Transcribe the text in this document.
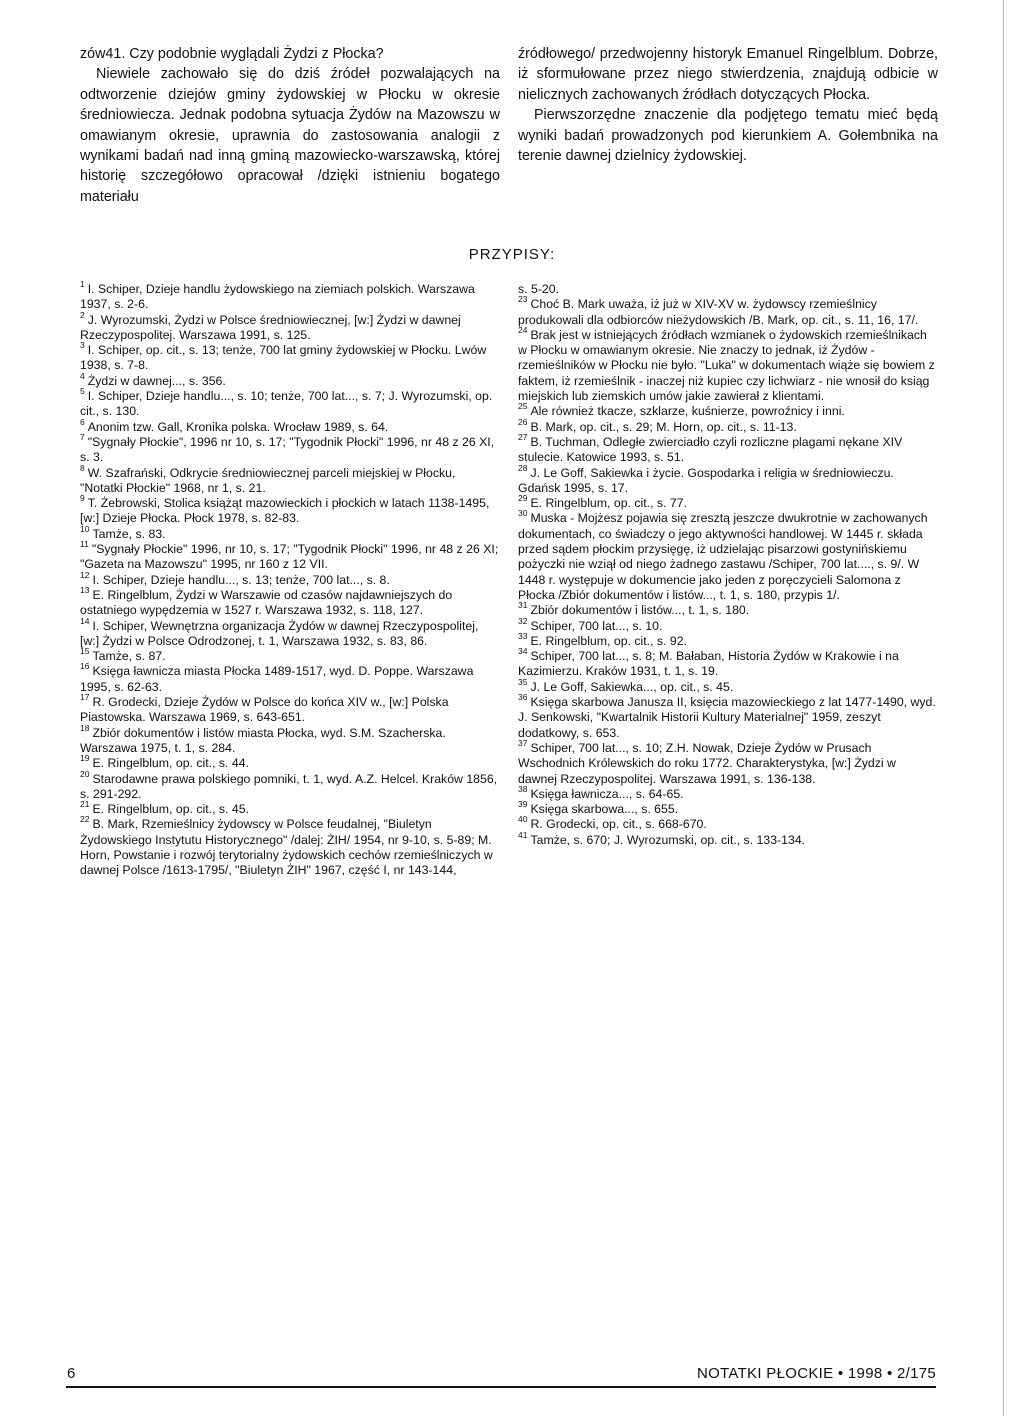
zów41. Czy podobnie wyglądali Żydzi z Płocka?

Niewiele zachowało się do dziś źródeł pozwalających na odtworzenie dziejów gminy żydowskiej w Płocku w okresie średniowiecza. Jednak podobna sytuacja Żydów na Mazowszu w omawianym okresie, uprawnia do zastosowania analogii z wynikami badań nad inną gminą mazowiecko-warszawską, której historię szczegółowo opracował /dzięki istnieniu bogatego materiału

źródłowego/ przedwojenny historyk Emanuel Ringelblum. Dobrze, iż sformułowane przez niego stwierdzenia, znajdują odbicie w nielicznych zachowanych źródłach dotyczących Płocka.

Pierwszorzędne znaczenie dla podjętego tematu mieć będą wyniki badań prowadzonych pod kierunkiem A. Gołembnika na terenie dawnej dzielnicy żydowskiej.

PRZYPISY:

$^1$ I. Schiper, Dzieje handlu żydowskiego na ziemiach polskich. Warszawa 1937, s. 2-6.

$^2$ J. Wyrozumski, Żydzi w Polsce średniowiecznej, [w:] Żydzi w dawnej Rzeczypospolitej. Warszawa 1991, s. 125.

$^3$ I. Schiper, op. cit., s. 13; tenże, 700 lat gminy żydowskiej w Płocku. Lwów 1938, s. 7-8.

$^4$ Żydzi w dawnej..., s. 356.

$^5$ I. Schiper, Dzieje handlu..., s. 10; tenże, 700 lat..., s. 7; J. Wyrozumski, op. cit., s. 130.

$^6$ Anonim tzw. Gall, Kronika polska. Wrocław 1989, s. 64.

$^7$ "Sygnały Płockie", 1996 nr 10, s. 17; "Tygodnik Płocki" 1996, nr 48 z 26 XI, s. 3.

$^8$ W. Szafrański, Odkrycie średniowiecznej parceli miejskiej w Płocku, "Notatki Płockie" 1968, nr 1, s. 21.

$^9$ T. Żebrowski, Stolica książąt mazowieckich i płockich w latach 1138-1495, [w:] Dzieje Płocka. Płock 1978, s. 82-83.

$^{10}$ Tamże, s. 83.

$^{11}$ "Sygnały Płockie" 1996, nr 10, s. 17; "Tygodnik Płocki" 1996, nr 48 z 26 XI; "Gazeta na Mazowszu" 1995, nr 160 z 12 VII.

$^{12}$ I. Schiper, Dzieje handlu..., s. 13; tenże, 700 lat..., s. 8.

$^{13}$ E. Ringelblum, Żydzi w Warszawie od czasów najdawniejszych do ostatniego wypędzemia w 1527 r. Warszawa 1932, s. 118, 127.

$^{14}$ I. Schiper, Wewnętrzna organizacja Żydów w dawnej Rzeczypospolitej, [w:] Żydzi w Polsce Odrodzonej, t. 1, Warszawa 1932, s. 83, 86.

$^{15}$ Tamże, s. 87.

$^{16}$ Księga ławnicza miasta Płocka 1489-1517, wyd. D. Poppe. Warszawa 1995, s. 62-63.

$^{17}$ R. Grodecki, Dzieje Żydów w Polsce do końca XIV w., [w:] Polska Piastowska. Warszawa 1969, s. 643-651.

$^{18}$ Zbiór dokumentów i listów miasta Płocka, wyd. S.M. Szacherska. Warszawa 1975, t. 1, s. 284.

$^{19}$ E. Ringelblum, op. cit., s. 44.

$^{20}$ Starodawne prawa polskiego pomniki, t. 1, wyd. A.Z. Helcel. Kraków 1856, s. 291-292.

$^{21}$ E. Ringelblum, op. cit., s. 45.

$^{22}$ B. Mark, Rzemieślnicy żydowscy w Polsce feudalnej, "Biuletyn Żydowskiego Instytutu Historycznego" /dalej: ŻIH/ 1954, nr 9-10, s. 5-89; M. Horn, Powstanie i rozwój terytorialny żydowskich cechów rzemieślniczych w dawnej Polsce /1613-1795/, "Biuletyn ŻIH" 1967, część I, nr 143-144,

s. 5-20.

$^{23}$ Choć B. Mark uważa, iż już w XIV-XV w. żydowscy rzemieślnicy produkowali dla odbiorców nieżydowskich /B. Mark, op. cit., s. 11, 16, 17/.

$^{24}$ Brak jest w istniejących źródłach wzmianek o żydowskich rzemieślnikach w Płocku w omawianym okresie. Nie znaczy to jednak, iż Żydów - rzemieślników w Płocku nie było. "Luka" w dokumentach wiąże się bowiem z faktem, iż rzemieślnik - inaczej niż kupiec czy lichwiarz - nie wnosił do ksiąg miejskich lub ziemskich umów jakie zawierał z klientami.

$^{25}$ Ale również tkacze, szklarze, kuśnierze, powroźnicy i inni.

$^{26}$ B. Mark, op. cit., s. 29; M. Horn, op. cit., s. 11-13.

$^{27}$ B. Tuchman, Odległe zwierciadło czyli rozliczne plagami nękane XIV stulecie. Katowice 1993, s. 51.

$^{28}$ J. Le Goff, Sakiewka i życie. Gospodarka i religia w średniowieczu. Gdańsk 1995, s. 17.

$^{29}$ E. Ringelblum, op. cit., s. 77.

$^{30}$ Muska - Mojżesz pojawia się zresztą jeszcze dwukrotnie w zachowanych dokumentach, co świadczy o jego aktywności handlowej. W 1445 r. składa przed sądem płockim przysięgę, iż udzielając pisarzowi gostynińskiemu pożyczki nie wziął od niego żadnego zastawu /Schiper, 700 lat...., s. 9/. W 1448 r. występuje w dokumencie jako jeden z poręczycieli Salomona z Płocka /Zbiór dokumentów i listów..., t. 1, s. 180, przypis 1/.

$^{31}$ Zbiór dokumentów i listów..., t. 1, s. 180.

$^{32}$ Schiper, 700 lat..., s. 10.

$^{33}$ E. Ringelblum, op. cit., s. 92.

$^{34}$ Schiper, 700 lat..., s. 8; M. Bałaban, Historia Żydów w Krakowie i na Kazimierzu. Kraków 1931, t. 1, s. 19.

$^{35}$ J. Le Goff, Sakiewka..., op. cit., s. 45.

$^{36}$ Księga skarbowa Janusza II, księcia mazowieckiego z lat 1477-1490, wyd. J. Senkowski, "Kwartalnik Historii Kultury Materialnej" 1959, zeszyt dodatkowy, s. 653.

$^{37}$ Schiper, 700 lat..., s. 10; Z.H. Nowak, Dzieje Żydów w Prusach Wschodnich Królewskich do roku 1772. Charakterystyka, [w:] Żydzi w dawnej Rzeczypospolitej. Warszawa 1991, s. 136-138.

$^{38}$ Księga ławnicza..., s. 64-65.

$^{39}$ Księga skarbowa..., s. 655.

$^{40}$ R. Grodecki, op. cit., s. 668-670.

$^{41}$ Tamże, s. 670; J. Wyrozumski, op. cit., s. 133-134.

6	NOTATKI PŁOCKIE • 1998 • 2/175
